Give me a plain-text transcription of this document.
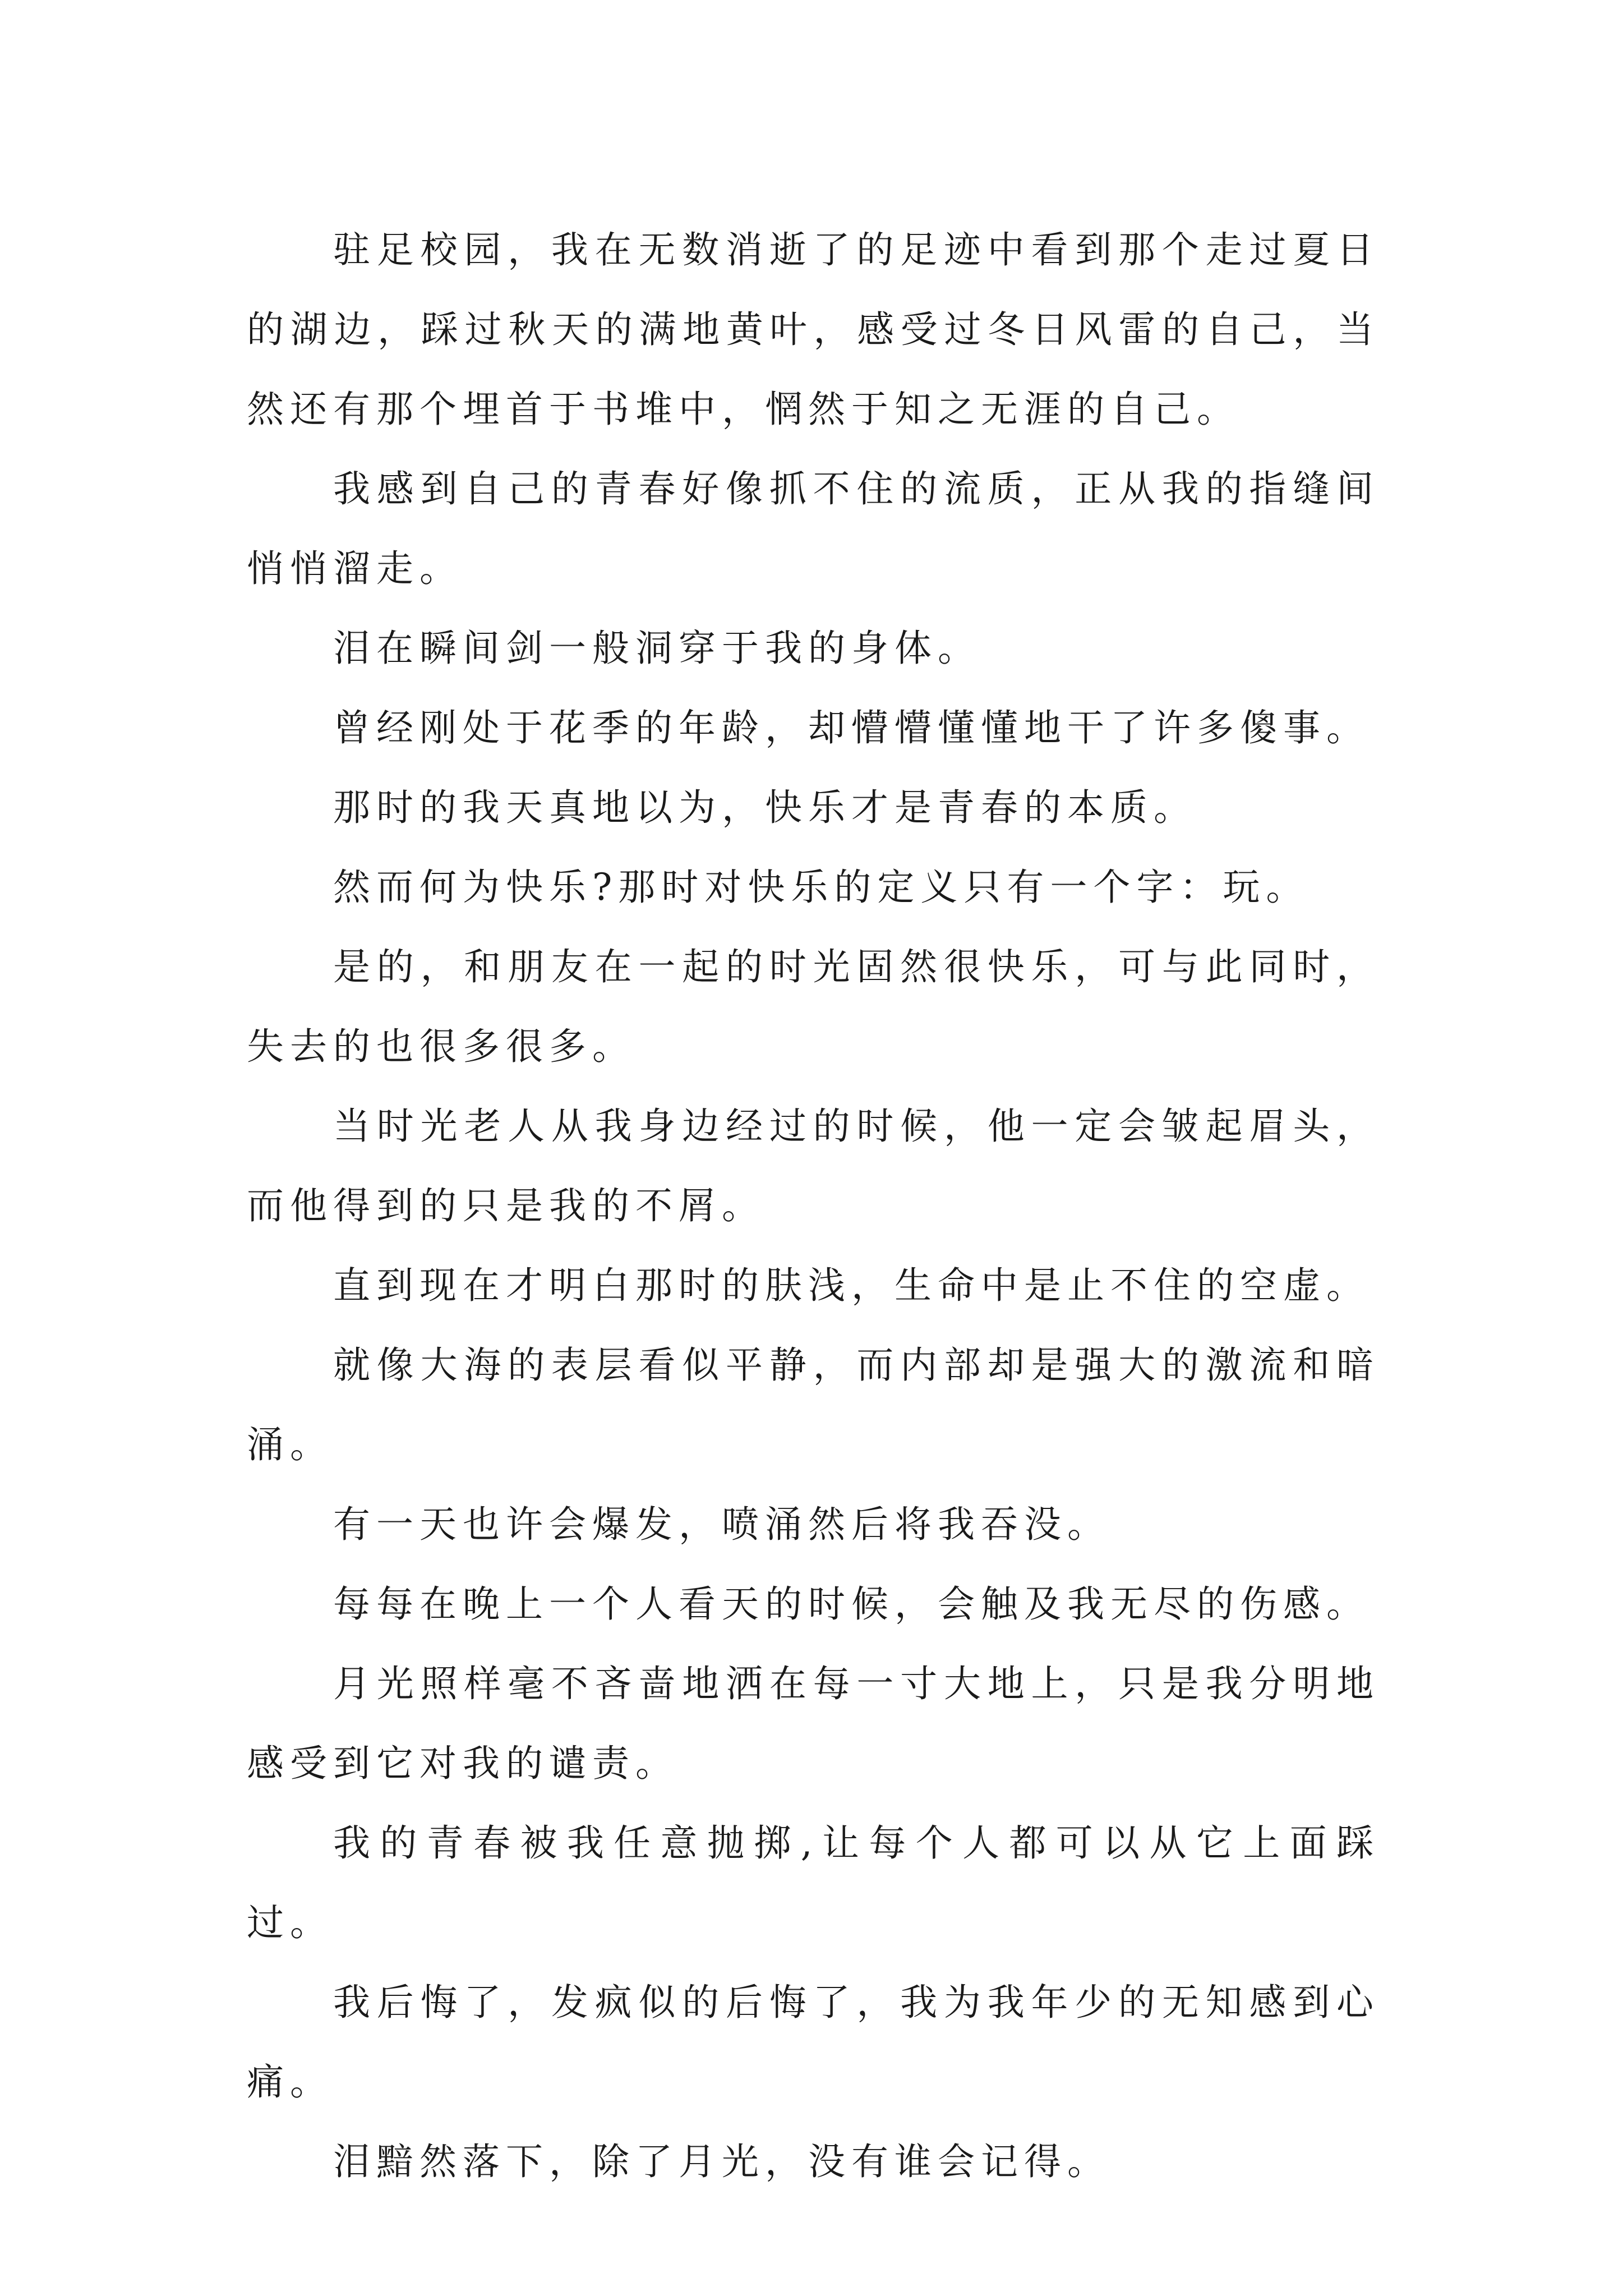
驻足校园，我在无数消逝了的足迹中看到那个走过夏日的湖边，踩过秋天的满地黄叶，感受过冬日风雷的自己，当然还有那个埋首于书堆中，惘然于知之无涯的自己。

我感到自己的青春好像抓不住的流质，正从我的指缝间悄悄溜走。

泪在瞬间剑一般洞穿于我的身体。

曾经刚处于花季的年龄，却懵懵懂懂地干了许多傻事。

那时的我天真地以为，快乐才是青春的本质。

然而何为快乐?那时对快乐的定义只有一个字：玩。

是的，和朋友在一起的时光固然很快乐，可与此同时，失去的也很多很多。

当时光老人从我身边经过的时候，他一定会皱起眉头，而他得到的只是我的不屑。

直到现在才明白那时的肤浅，生命中是止不住的空虚。

就像大海的表层看似平静，而内部却是强大的激流和暗涌。

有一天也许会爆发，喷涌然后将我吞没。

每每在晚上一个人看天的时候，会触及我无尽的伤感。

月光照样毫不吝啬地洒在每一寸大地上，只是我分明地感受到它对我的谴责。

我的青春被我任意抛掷,让每个人都可以从它上面踩过。

我后悔了，发疯似的后悔了，我为我年少的无知感到心痛。

泪黯然落下，除了月光，没有谁会记得。
